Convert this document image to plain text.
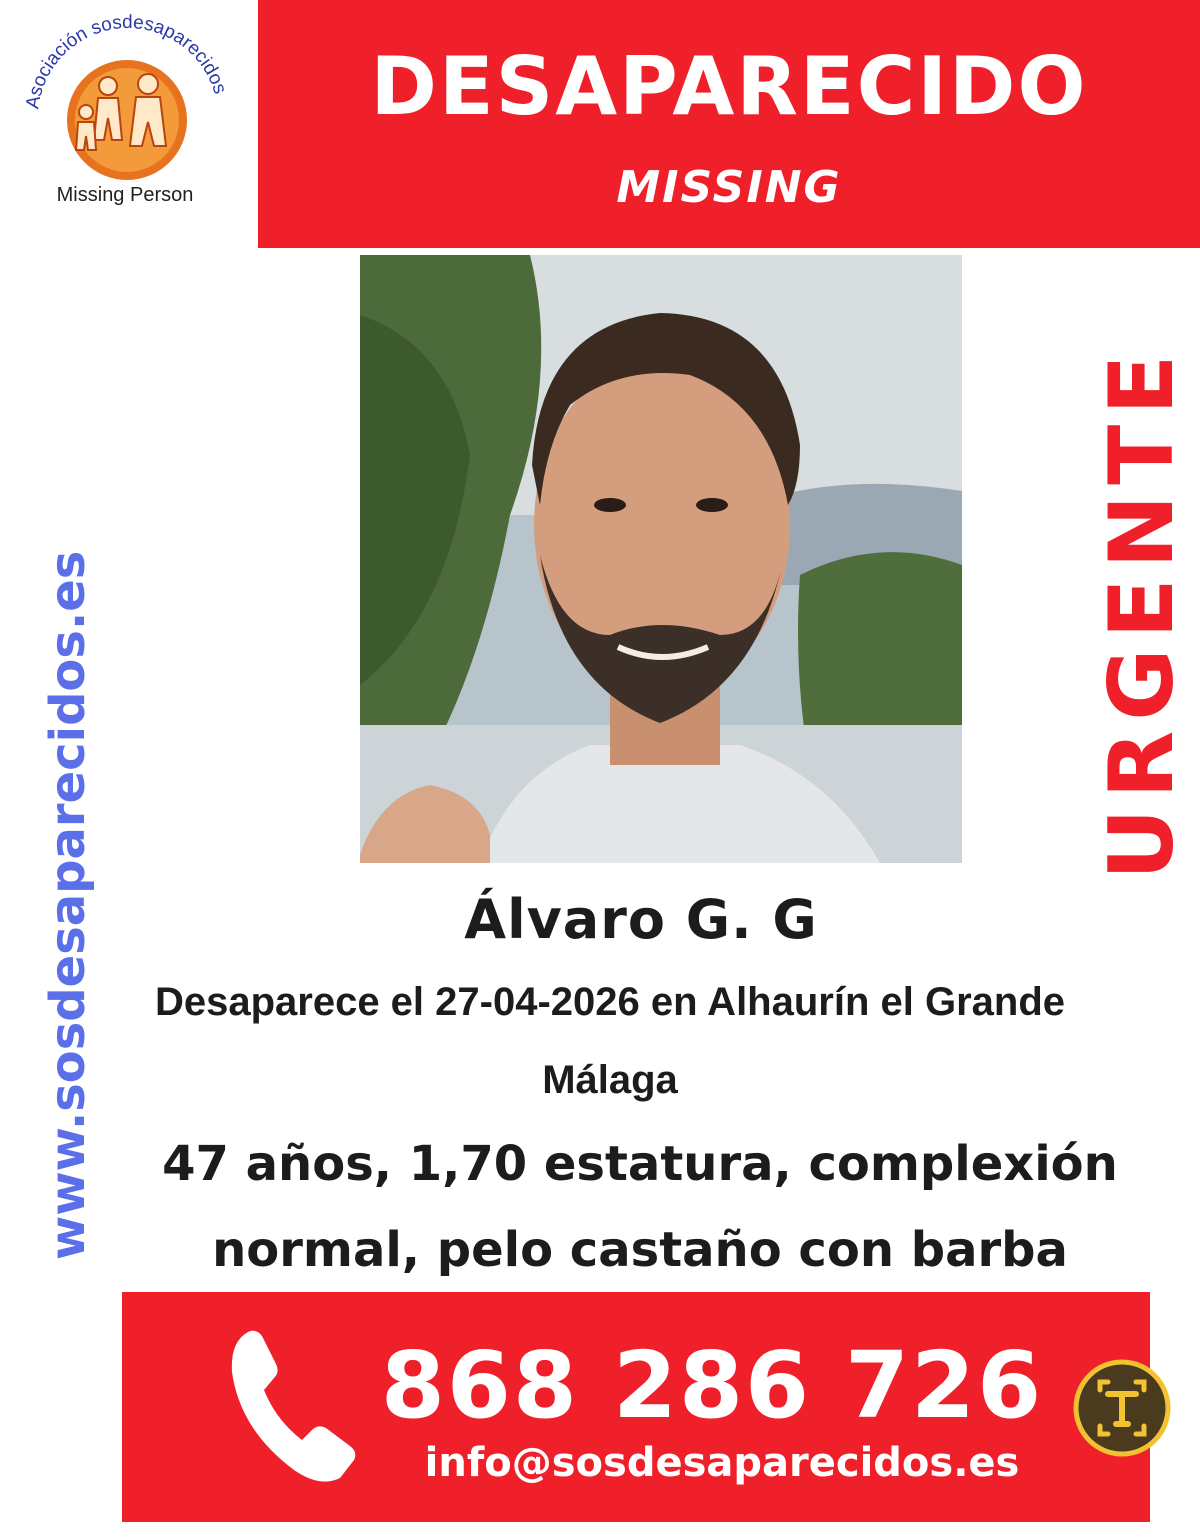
Asociación sosdesaparecidos
Missing Person
DESAPARECIDO
MISSING
www.sosdesaparecidos.es	URGENTE
Álvaro G. G
Desaparece el 27-04-2026 en Alhaurín el Grande
Málaga
47 años, 1,70 estatura, complexión
normal, pelo castaño con barba
868 286 726
info@sosdesaparecidos.es
